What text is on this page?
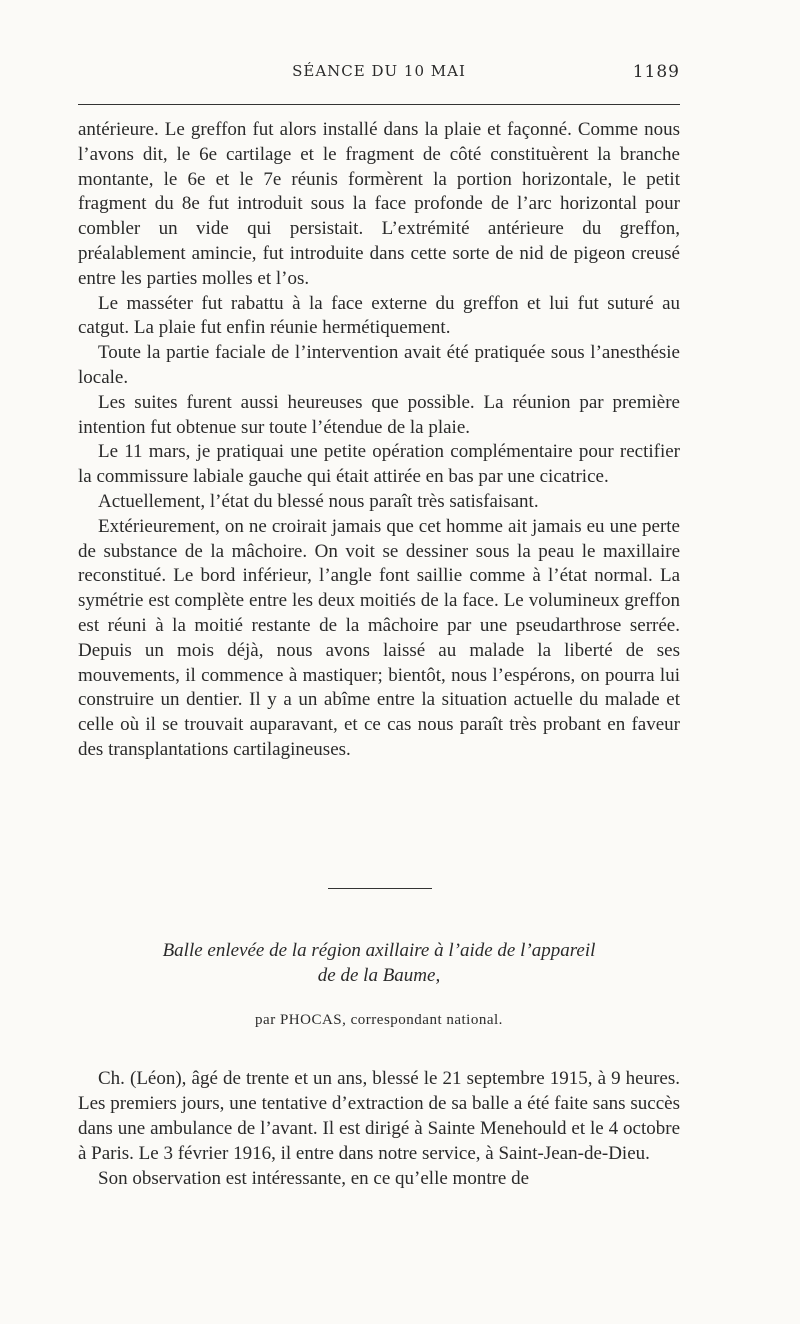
SÉANCE DU 10 MAI	1189

antérieure. Le greffon fut alors installé dans la plaie et façonné. Comme nous l’avons dit, le 6e cartilage et le fragment de côté constituèrent la branche montante, le 6e et le 7e réunis formèrent la portion horizontale, le petit fragment du 8e fut introduit sous la face profonde de l’arc horizontal pour combler un vide qui persistait. L’extrémité antérieure du greffon, préalablement amincie, fut introduite dans cette sorte de nid de pigeon creusé entre les parties molles et l’os.

Le masséter fut rabattu à la face externe du greffon et lui fut suturé au catgut. La plaie fut enfin réunie hermétiquement.

Toute la partie faciale de l’intervention avait été pratiquée sous l’anesthésie locale.

Les suites furent aussi heureuses que possible. La réunion par première intention fut obtenue sur toute l’étendue de la plaie.

Le 11 mars, je pratiquai une petite opération complémentaire pour rectifier la commissure labiale gauche qui était attirée en bas par une cicatrice.

Actuellement, l’état du blessé nous paraît très satisfaisant.

Extérieurement, on ne croirait jamais que cet homme ait jamais eu une perte de substance de la mâchoire. On voit se dessiner sous la peau le maxillaire reconstitué. Le bord inférieur, l’angle font saillie comme à l’état normal. La symétrie est complète entre les deux moitiés de la face. Le volumineux greffon est réuni à la moitié restante de la mâchoire par une pseudarthrose serrée. Depuis un mois déjà, nous avons laissé au malade la liberté de ses mouvements, il commence à mastiquer; bientôt, nous l’espérons, on pourra lui construire un dentier. Il y a un abîme entre la situation actuelle du malade et celle où il se trouvait auparavant, et ce cas nous paraît très probant en faveur des transplantations cartilagineuses.

Balle enlevée de la région axillaire à l’aide de l’appareil
de de la Baume,
par PHOCAS, correspondant national.

Ch. (Léon), âgé de trente et un ans, blessé le 21 septembre 1915, à 9 heures. Les premiers jours, une tentative d’extraction de sa balle a été faite sans succès dans une ambulance de l’avant. Il est dirigé à Sainte Menehould et le 4 octobre à Paris. Le 3 février 1916, il entre dans notre service, à Saint-Jean-de-Dieu.

Son observation est intéressante, en ce qu’elle montre de
